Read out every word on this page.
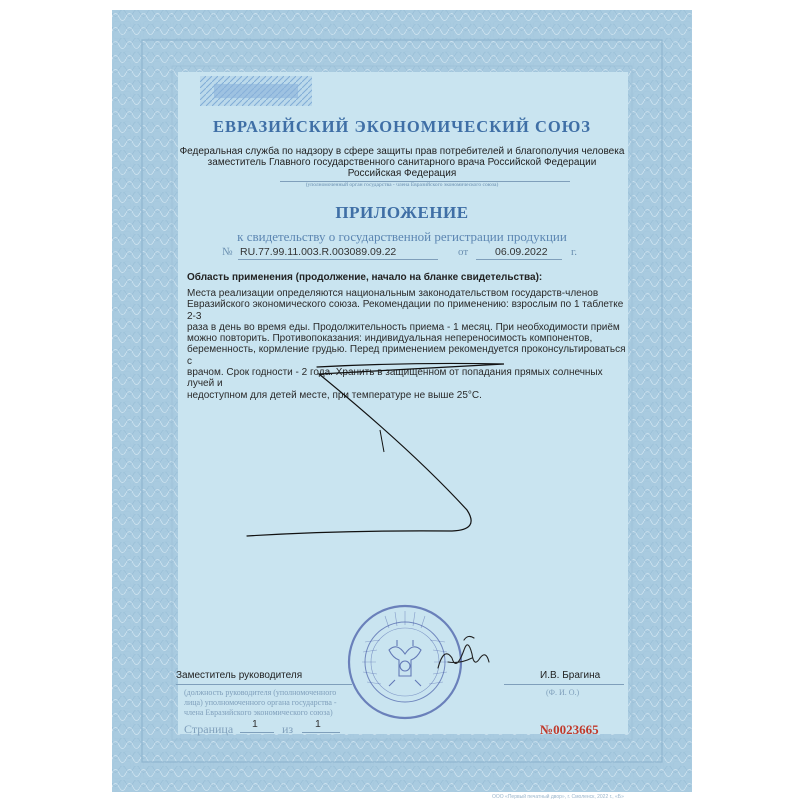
ЕВРАЗИЙСКИЙ ЭКОНОМИЧЕСКИЙ СОЮЗ
Федеральная служба по надзору в сфере защиты прав потребителей и благополучия человека
заместитель Главного государственного санитарного врача Российской Федерации
Российская Федерация
(уполномоченный орган государства - члена Евразийского экономического союза)
ПРИЛОЖЕНИЕ
к свидетельству о государственной регистрации продукции
№ RU.77.99.11.003.R.003089.09.22	от	06.09.2022 г.
Область применения (продолжение, начало на бланке свидетельства):
Места реализации определяются национальным законодательством государств-членов
Евразийского экономического союза. Рекомендации по применению: взрослым по 1 таблетке 2-3
раза в день во время еды. Продолжительность приема - 1 месяц. При необходимости приём
можно повторить. Противопоказания: индивидуальная непереносимость компонентов,
беременность, кормление грудью. Перед применением рекомендуется проконсультироваться с
врачом. Срок годности - 2 года. Хранить в защищенном от попадания прямых солнечных лучей и
недоступном для детей месте, при температуре не выше 25°С.
Заместитель руководителя	И.В. Брагина
(должность руководителя (уполномоченного
лица) уполномоченного органа государства -
члена Евразийского экономического союза)
(Ф. И. О.)
Страница 1 из 1	№0023665
ООО «Первый печатный двор», г. Смоленск, 2022 г., «Б»
